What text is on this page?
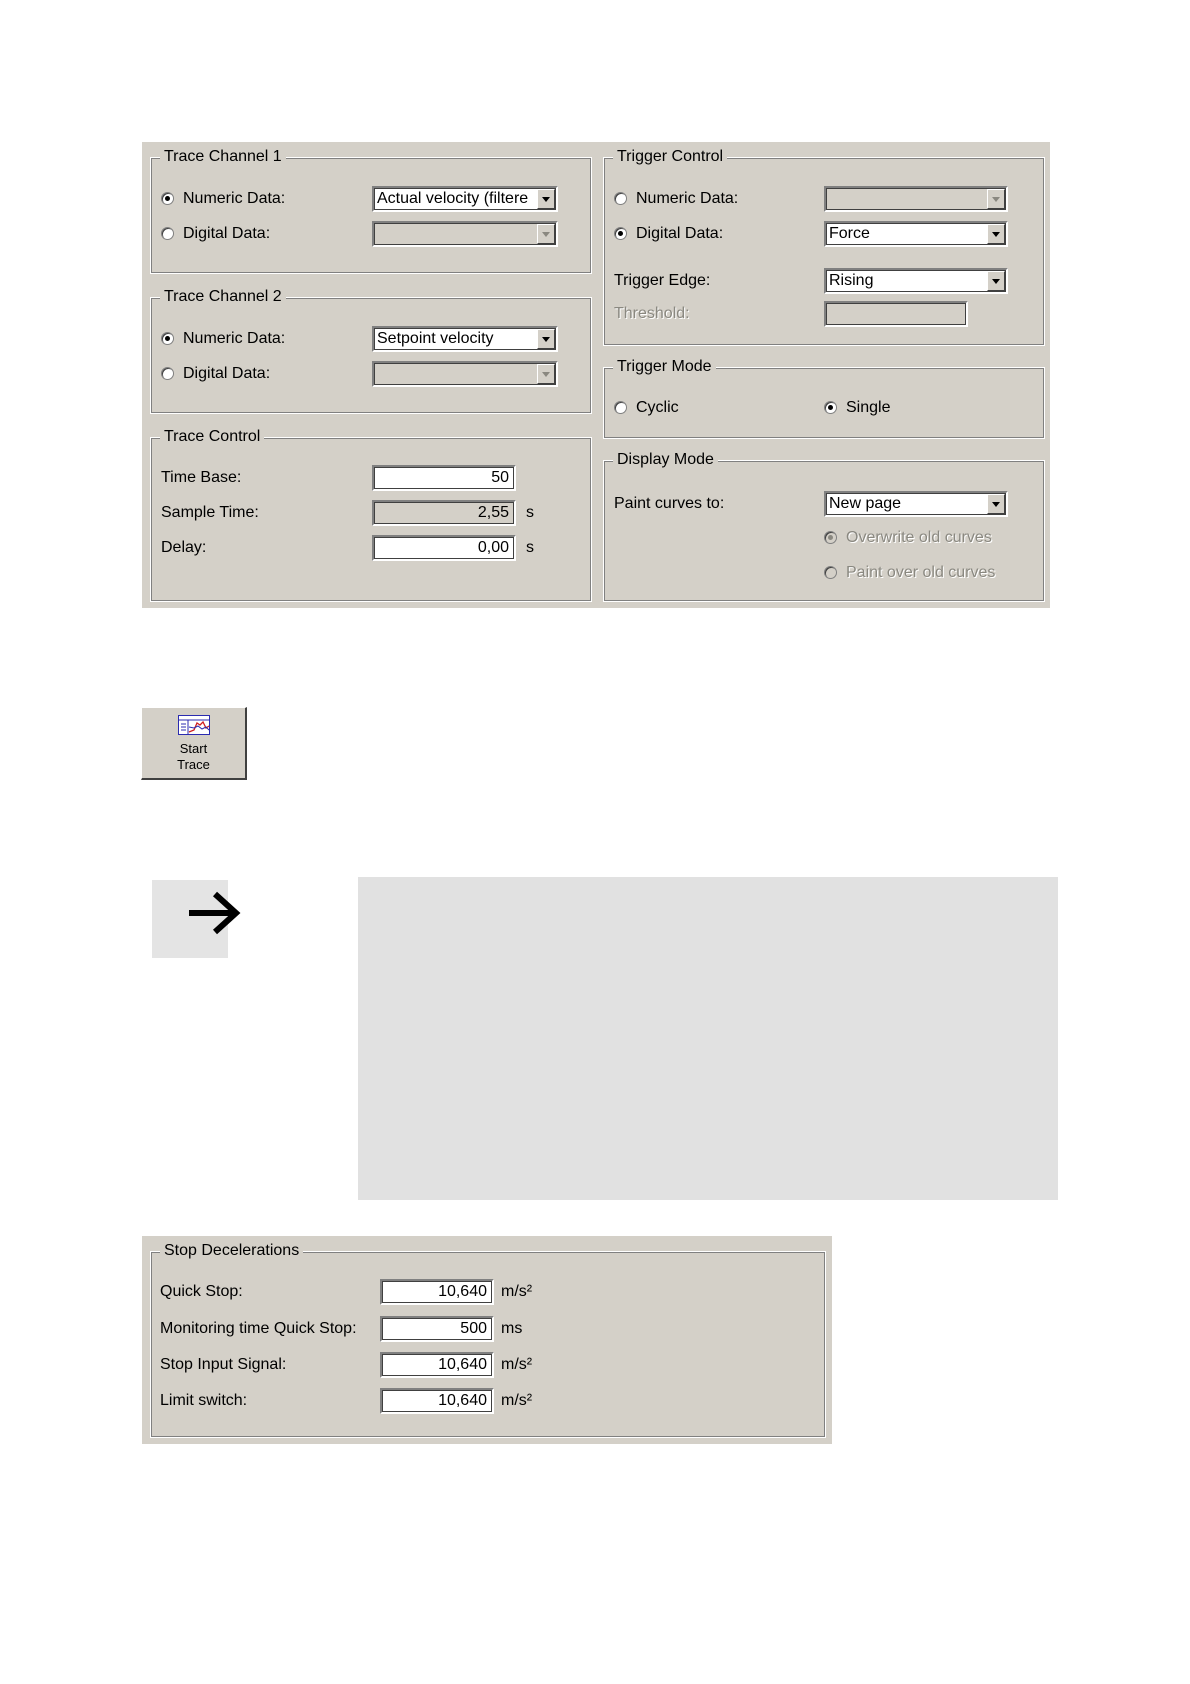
Trace Channel 1
Numeric Data:	Actual velocity (filtere
Digital Data:
Trace Channel 2
Numeric Data:	Setpoint velocity
Digital Data:
Trace Control
Time Base:	50
Sample Time:	2,55	s
Delay:	0,00	s
Trigger Control
Numeric Data:
Digital Data:	Force
Trigger Edge:	Rising
Threshold:
Trigger Mode
Cyclic	Single
Display Mode
Paint curves to:	New page
Overwrite old curves
Paint over old curves
Start
Trace
Stop Decelerations
Quick Stop:	10,640 m/s²
Monitoring time Quick Stop:	500 ms
Stop Input Signal:	10,640 m/s²
Limit switch:	10,640 m/s²
